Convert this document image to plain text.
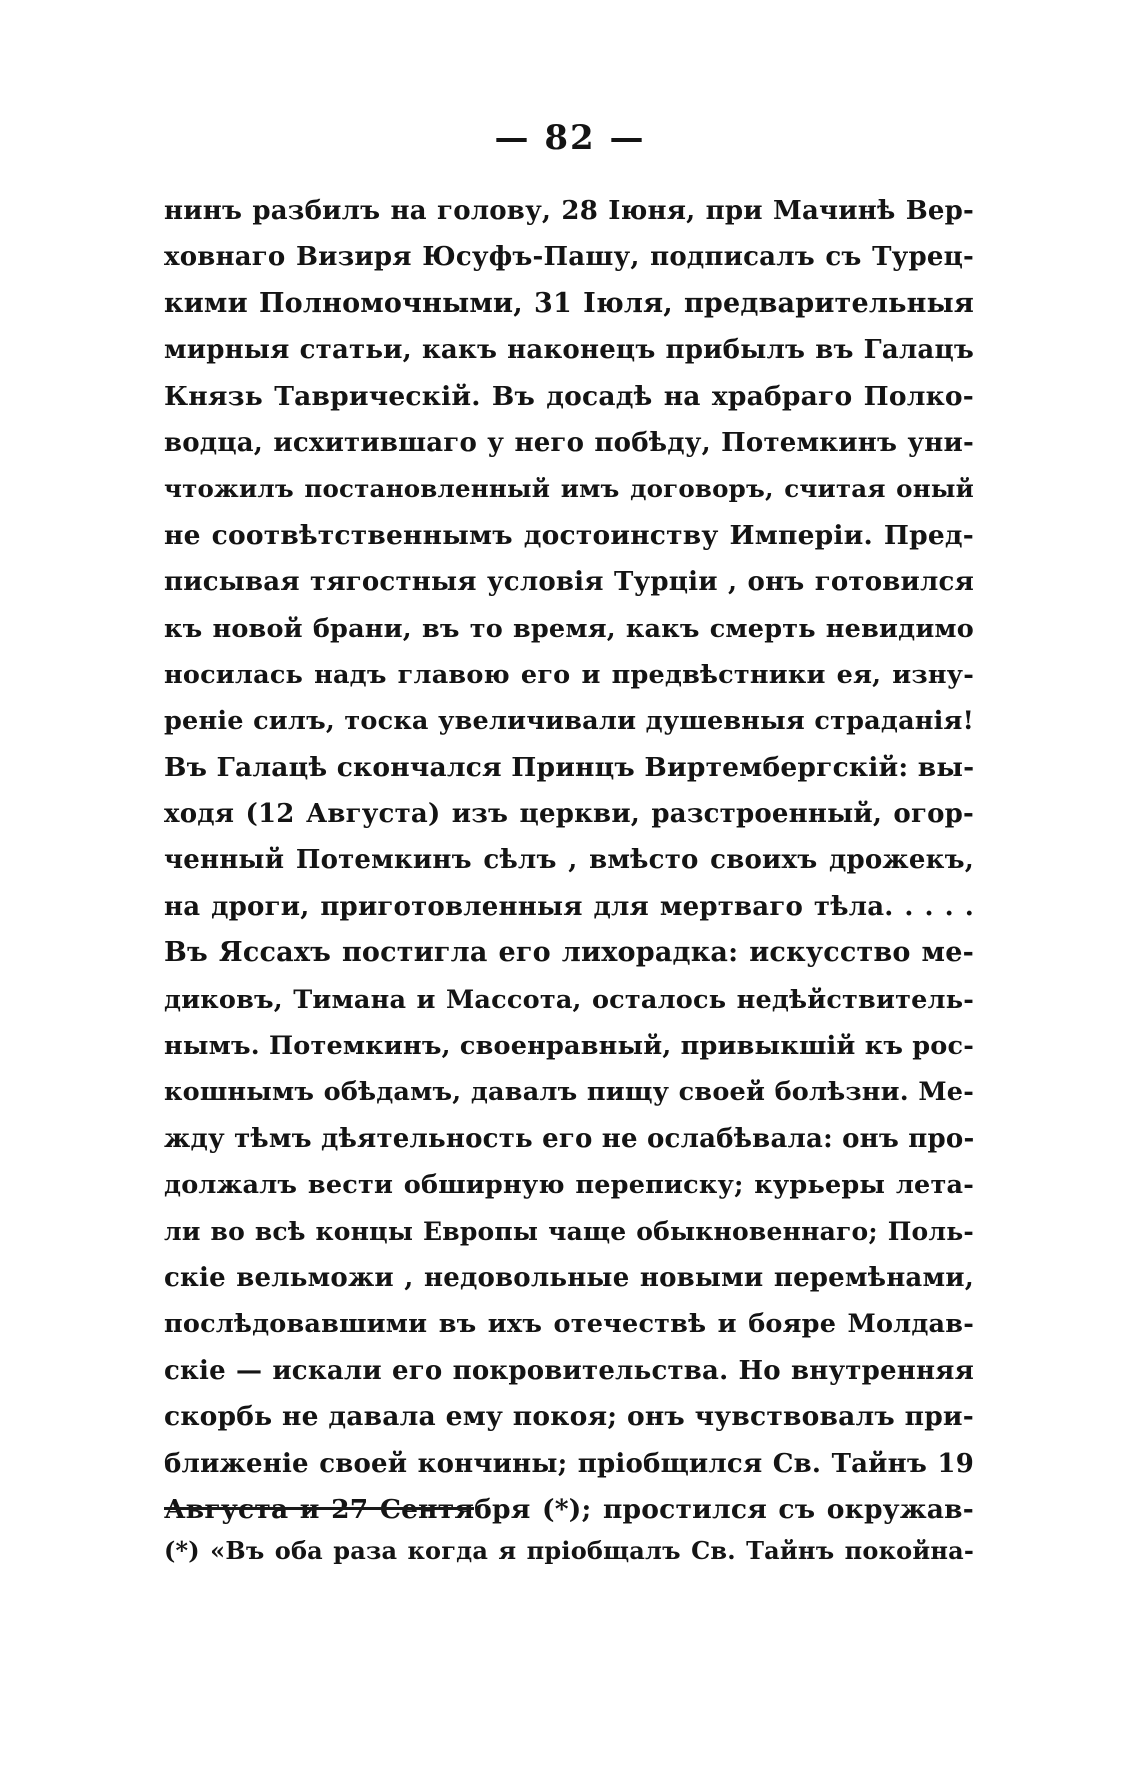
— 82 —
нинъ разбилъ на голову, 28 Іюня, при Мачинѣ Вер-
ховнаго Визиря Юсуфъ-Пашу, подписалъ съ Турец-
кими Полномочными, 31 Іюля, предварительныя
мирныя статьи, какъ наконецъ прибылъ въ Галацъ
Князь Таврическій. Въ досадѣ на храбраго Полко-
водца, исхитившаго у него побѣду, Потемкинъ уни-
чтожилъ постановленный имъ договоръ, считая оный
не соотвѣтственнымъ достоинству Имперіи. Пред-
писывая тягостныя условія Турціи , онъ готовился
къ новой брани, въ то время, какъ смерть невидимо
носилась надъ главою его и предвѣстники ея, изну-
реніе силъ, тоска увеличивали душевныя страданія!
Въ Галацѣ скончался Принцъ Виртембергскій: вы-
ходя (12 Августа) изъ церкви, разстроенный, огор-
ченный Потемкинъ сѣлъ , вмѣсто своихъ дрожекъ,
на дроги, приготовленныя для мертваго тѣла. . . . .
Въ Яссахъ постигла его лихорадка: искусство ме-
диковъ, Тимана и Массота, осталось недѣйствитель-
нымъ. Потемкинъ, своенравный, привыкшій къ рос-
кошнымъ обѣдамъ, давалъ пищу своей болѣзни. Ме-
жду тѣмъ дѣятельность его не ослабѣвала: онъ про-
должалъ вести обширную переписку; курьеры лета-
ли во всѣ концы Европы чаще обыкновеннаго; Поль-
скіе вельможи , недовольные новыми перемѣнами,
послѣдовавшими въ ихъ отечествѣ и бояре Молдав-
скіе — искали его покровительства. Но внутренняя
скорбь не давала ему покоя; онъ чувствовалъ при-
ближеніе своей кончины; пріобщился Св. Тайнъ 19
Августа и 27 Сентября (*); простился съ окружав-
(*) «Въ оба раза когда я пріобщалъ Св. Тайнъ покойна-
